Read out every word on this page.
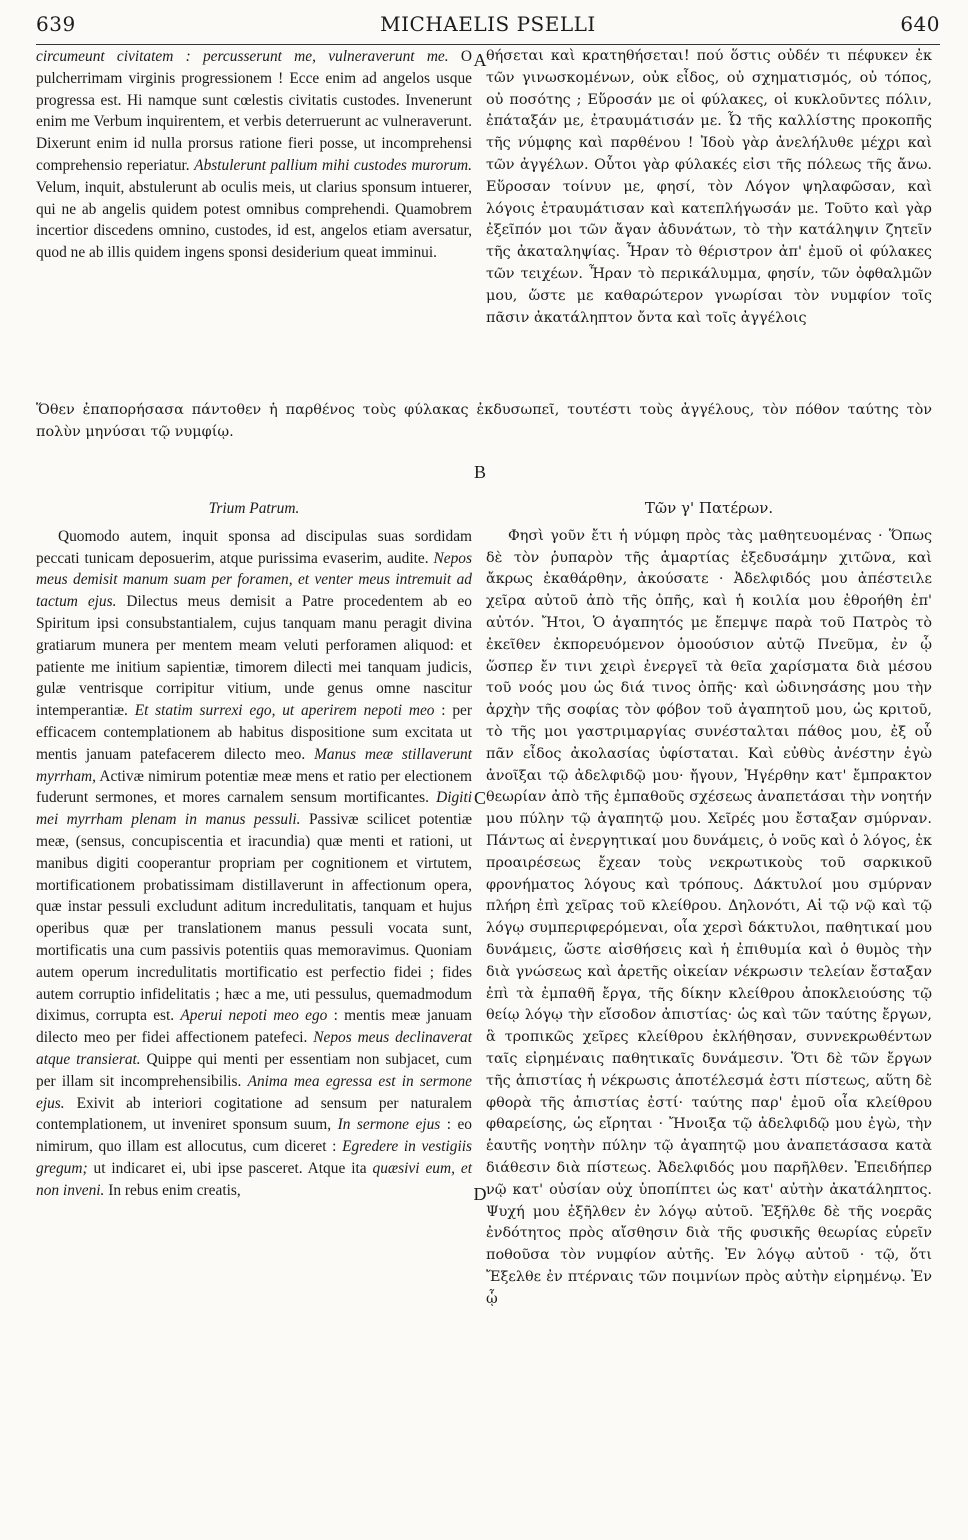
639	MICHAELIS PSELLI	640
A
B
C
D

circumeunt civitatem : percusserunt me, vulneraverunt me. O pulcherrimam virginis progressionem ! Ecce enim ad angelos usque progressa est. Hi namque sunt cœlestis civitatis custodes. Invenerunt enim me Verbum inquirentem, et verbis deterruerunt ac vulneraverunt. Dixerunt enim id nulla prorsus ratione fieri posse, ut incomprehensi comprehensio reperiatur. Abstulerunt pallium mihi custodes murorum. Velum, inquit, abstulerunt ab oculis meis, ut clarius sponsum intuerer, qui ne ab angelis quidem potest omnibus comprehendi. Quamobrem incertior discedens omnino, custodes, id est, angelos etiam aversatur, quod ne ab illis quidem ingens sponsi desiderium queat imminui.

θήσεται καὶ κρατηθήσεται! πού ὅστις οὐδέν τι πέφυκεν ἐκ τῶν γινωσκομένων, οὐκ εἶδος, οὐ σχηματισμός, οὐ τόπος, οὐ ποσότης ; Εὕροσάν με οἱ φύλακες, οἱ κυκλοῦντες πόλιν, ἐπάταξάν με, ἐτραυμάτισάν με. Ὦ τῆς καλλίστης προκοπῆς τῆς νύμφης καὶ παρθένου ! Ἰδοὺ γὰρ ἀνελήλυθε μέχρι καὶ τῶν ἀγγέλων. Οὗτοι γὰρ φύλακές εἰσι τῆς πόλεως τῆς ἄνω. Εὕροσαν τοίνυν με, φησί, τὸν Λόγον ψηλαφῶσαν, καὶ λόγοις ἐτραυμάτισαν καὶ κατεπλήγωσάν με. Τοῦτο καὶ γὰρ ἐξεῖπόν μοι τῶν ἄγαν ἀδυνάτων, τὸ τὴν κατάληψιν ζητεῖν τῆς ἀκαταληψίας. Ἦραν τὸ θέριστρον ἀπ' ἐμοῦ οἱ φύλακες τῶν τειχέων. Ἦραν τὸ περικάλυμμα, φησίν, τῶν ὀφθαλμῶν μου, ὥστε με καθαρώτερον γνωρίσαι τὸν νυμφίον τοῖς πᾶσιν ἀκατάληπτον ὄντα καὶ τοῖς ἀγγέλοις

Ὅθεν ἐπαπορήσασα πάντοθεν ἡ παρθένος τοὺς φύλακας ἐκδυσωπεῖ, τουτέστι τοὺς ἀγγέλους, τὸν πόθον ταύτης τὸν πολὺν μηνύσαι τῷ νυμφίῳ.

Trium Patrum.

Quomodo autem, inquit sponsa ad discipulas suas sordidam peccati tunicam deposuerim, atque purissima evaserim, audite. Nepos meus demisit manum suam per foramen, et venter meus intremuit ad tactum ejus. Dilectus meus demisit a Patre procedentem ab eo Spiritum ipsi consubstantialem, cujus tanquam manu peragit divina gratiarum munera per mentem meam veluti perforamen aliquod: et patiente me initium sapientiæ, timorem dilecti mei tanquam judicis, gulæ ventrisque corripitur vitium, unde genus omne nascitur intemperantiæ. Et statim surrexi ego, ut aperirem nepoti meo : per efficacem contemplationem ab habitus dispositione sum excitata ut mentis januam patefacerem dilecto meo. Manus meæ stillaverunt myrrham, Activæ nimirum potentiæ meæ mens et ratio per electionem fuderunt sermones, et mores carnalem sensum mortificantes. Digiti mei myrrham plenam in manus pessuli. Passivæ scilicet potentiæ meæ, (sensus, concupiscentia et iracundia) quæ menti et rationi, ut manibus digiti cooperantur propriam per cognitionem et virtutem, mortificationem probatissimam distillaverunt in affectionum opera, quæ instar pessuli excludunt aditum incredulitatis, tanquam et hujus operibus quæ per translationem manus pessuli vocata sunt, mortificatis una cum passivis potentiis quas memoravimus. Quoniam autem operum incredulitatis mortificatio est perfectio fidei ; fides autem corruptio infidelitatis ; hæc a me, uti pessulus, quemadmodum diximus, corrupta est. Aperui nepoti meo ego : mentis meæ januam dilecto meo per fidei affectionem patefeci. Nepos meus declinaverat atque transierat. Quippe qui menti per essentiam non subjacet, cum per illam sit incomprehensibilis. Anima mea egressa est in sermone ejus. Exivit ab interiori cogitatione ad sensum per naturalem contemplationem, ut inveniret sponsum suum, In sermone ejus : eo nimirum, quo illam est allocutus, cum diceret : Egredere in vestigiis gregum; ut indicaret ei, ubi ipse pasceret. Atque ita quæsivi eum, et non inveni. In rebus enim creatis,

Τῶν γ' Πατέρων.

Φησὶ γοῦν ἔτι ἡ νύμφη πρὸς τὰς μαθητευομένας · Ὅπως δὲ τὸν ῥυπαρὸν τῆς ἁμαρτίας ἐξεδυσάμην χιτῶνα, καὶ ἄκρως ἐκαθάρθην, ἀκούσατε · Ἀδελφιδός μου ἀπέστειλε χεῖρα αὐτοῦ ἀπὸ τῆς ὀπῆς, καὶ ἡ κοιλία μου ἐθροήθη ἐπ' αὐτόν. Ἤτοι, Ὁ ἀγαπητός με ἔπεμψε παρὰ τοῦ Πατρὸς τὸ ἐκεῖθεν ἐκπορευόμενον ὁμοούσιον αὐτῷ Πνεῦμα, ἐν ᾧ ὥσπερ ἔν τινι χειρὶ ἐνεργεῖ τὰ θεῖα χαρίσματα διὰ μέσου τοῦ νοός μου ὡς διά τινος ὀπῆς· καὶ ὠδινησάσης μου τὴν ἀρχὴν τῆς σοφίας τὸν φόβον τοῦ ἀγαπητοῦ μου, ὡς κριτοῦ, τὸ τῆς μοι γαστριμαργίας συνέσταλται πάθος μου, ἐξ οὗ πᾶν εἶδος ἀκολασίας ὑφίσταται. Καὶ εὐθὺς ἀνέστην ἐγὼ ἀνοῖξαι τῷ ἀδελφιδῷ μου· ἤγουν, Ἠγέρθην κατ' ἔμπρακτον θεωρίαν ἀπὸ τῆς ἐμπαθοῦς σχέσεως ἀναπετάσαι τὴν νοητήν μου πύλην τῷ ἀγαπητῷ μου. Χεῖρές μου ἔσταξαν σμύρναν. Πάντως αἱ ἐνεργητικαί μου δυνάμεις, ὁ νοῦς καὶ ὁ λόγος, ἐκ προαιρέσεως ἔχεαν τοὺς νεκρωτικοὺς τοῦ σαρκικοῦ φρονήματος λόγους καὶ τρόπους. Δάκτυλοί μου σμύρναν πλήρη ἐπὶ χεῖρας τοῦ κλείθρου. Δηλονότι, Αἱ τῷ νῷ καὶ τῷ λόγῳ συμπεριφερόμεναι, οἷα χερσὶ δάκτυλοι, παθητικαί μου δυνάμεις, ὥστε αἰσθήσεις καὶ ἡ ἐπιθυμία καὶ ὁ θυμὸς τὴν διὰ γνώσεως καὶ ἀρετῆς οἰκείαν νέκρωσιν τελείαν ἔσταξαν ἐπὶ τὰ ἐμπαθῆ ἔργα, τῆς δίκην κλείθρου ἀποκλειούσης τῷ θείῳ λόγῳ τὴν εἴσοδον ἀπιστίας· ὡς καὶ τῶν ταύτης ἔργων, ἃ τροπικῶς χεῖρες κλείθρου ἐκλήθησαν, συννεκρωθέντων ταῖς εἰρημέναις παθητικαῖς δυνάμεσιν. Ὅτι δὲ τῶν ἔργων τῆς ἀπιστίας ἡ νέκρωσις ἀποτέλεσμά ἐστι πίστεως, αὕτη δὲ φθορὰ τῆς ἀπιστίας ἐστί· ταύτης παρ' ἐμοῦ οἷα κλείθρου φθαρείσης, ὡς εἴρηται · Ἤνοιξα τῷ ἀδελφιδῷ μου ἐγὼ, τὴν ἑαυτῆς νοητὴν πύλην τῷ ἀγαπητῷ μου ἀναπετάσασα κατὰ διάθεσιν διὰ πίστεως. Ἀδελφιδός μου παρῆλθεν. Ἐπειδήπερ νῷ κατ' οὐσίαν οὐχ ὑποπίπτει ὡς κατ' αὐτὴν ἀκατάληπτος. Ψυχή μου ἐξῆλθεν ἐν λόγῳ αὐτοῦ. Ἐξῆλθε δὲ τῆς νοερᾶς ἐνδότητος πρὸς αἴσθησιν διὰ τῆς φυσικῆς θεωρίας εὑρεῖν ποθοῦσα τὸν νυμφίον αὐτῆς. Ἐν λόγῳ αὐτοῦ · τῷ, ὅτι Ἔξελθε ἐν πτέρναις τῶν ποιμνίων πρὸς αὐτὴν εἰρημένῳ. Ἐν ᾧ
